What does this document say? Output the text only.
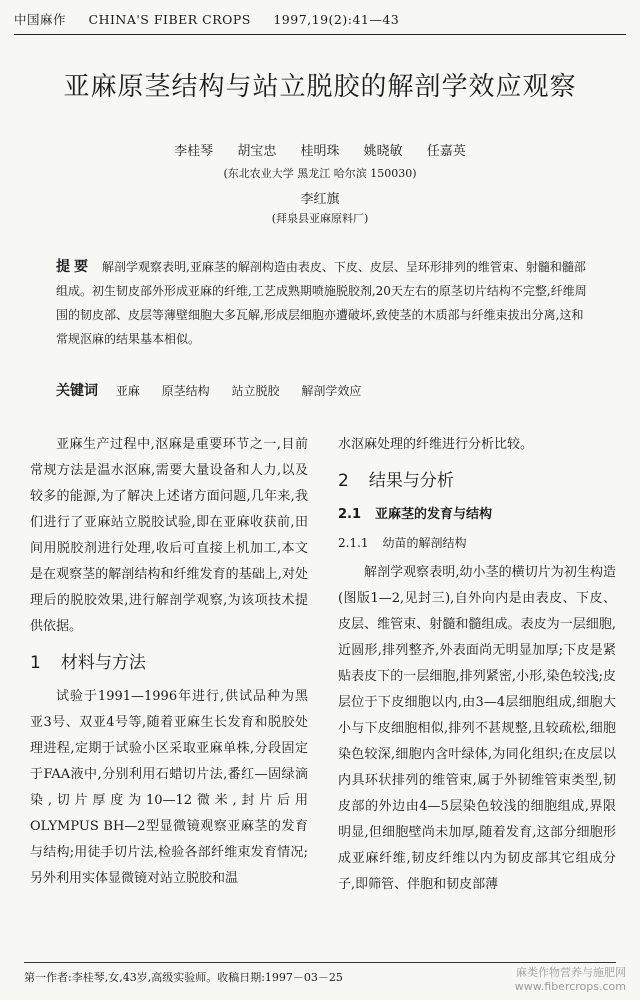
中国麻作 CHINA'S FIBER CROPS 1997,19(2):41—43
亚麻原茎结构与站立脱胶的解剖学效应观察
李桂琴 胡宝忠 桂明珠 姚晓敏 任嘉英
(东北农业大学 黑龙江 哈尔滨 150030)
李红旗
(拜泉县亚麻原料厂)
提要 解剖学观察表明,亚麻茎的解剖构造由表皮、下皮、皮层、呈环形排列的维管束、射髓和髓部组成。初生韧皮部外形成亚麻的纤维,工艺成熟期喷施脱胶剂,20天左右的原茎切片结构不完整,纤维周围的韧皮部、皮层等薄壁细胞大多瓦解,形成层细胞亦遭破坏,致使茎的木质部与纤维束拔出分离,这和常规沤麻的结果基本相似。
关键词 亚麻 原茎结构 站立脱胶 解剖学效应

亚麻生产过程中,沤麻是重要环节之一,目前常规方法是温水沤麻,需要大量设备和人力,以及较多的能源,为了解决上述诸方面问题,几年来,我们进行了亚麻站立脱胶试验,即在亚麻收获前,田间用脱胶剂进行处理,收后可直接上机加工,本文是在观察茎的解剖结构和纤维发育的基础上,对处理后的脱胶效果,进行解剖学观察,为该项技术提供依据。

1 材料与方法

试验于1991—1996年进行,供试品种为黑亚3号、双亚4号等,随着亚麻生长发育和脱胶处理进程,定期于试验小区采取亚麻单株,分段固定于FAA液中,分别利用石蜡切片法,番红—固绿滴染,切片厚度为10—12微米,封片后用OLYMPUS BH—2型显微镜观察亚麻茎的发育与结构;用徒手切片法,检验各部纤维束发育情况;另外利用实体显微镜对站立脱胶和温

水沤麻处理的纤维进行分析比较。

2 结果与分析
2.1 亚麻茎的发育与结构
2.1.1 幼苗的解剖结构

解剖学观察表明,幼小茎的横切片为初生构造(图版1—2,见封三),自外向内是由表皮、下皮、皮层、维管束、射髓和髓组成。表皮为一层细胞,近圆形,排列整齐,外表面尚无明显加厚;下皮是紧贴表皮下的一层细胞,排列紧密,小形,染色较浅;皮层位于下皮细胞以内,由3—4层细胞组成,细胞大小与下皮细胞相似,排列不甚规整,且较疏松,细胞染色较深,细胞内含叶绿体,为同化组织;在皮层以内具环状排列的维管束,属于外韧维管束类型,韧皮部的外边由4—5层染色较浅的细胞组成,界限明显,但细胞壁尚未加厚,随着发育,这部分细胞形成亚麻纤维,韧皮纤维以内为韧皮部其它组成分子,即筛管、伴胞和韧皮部薄

第一作者:李桂琴,女,43岁,高级实验师。收稿日期:1997－03－25	麻类作物营养与施肥网
www.fibercrops.com
